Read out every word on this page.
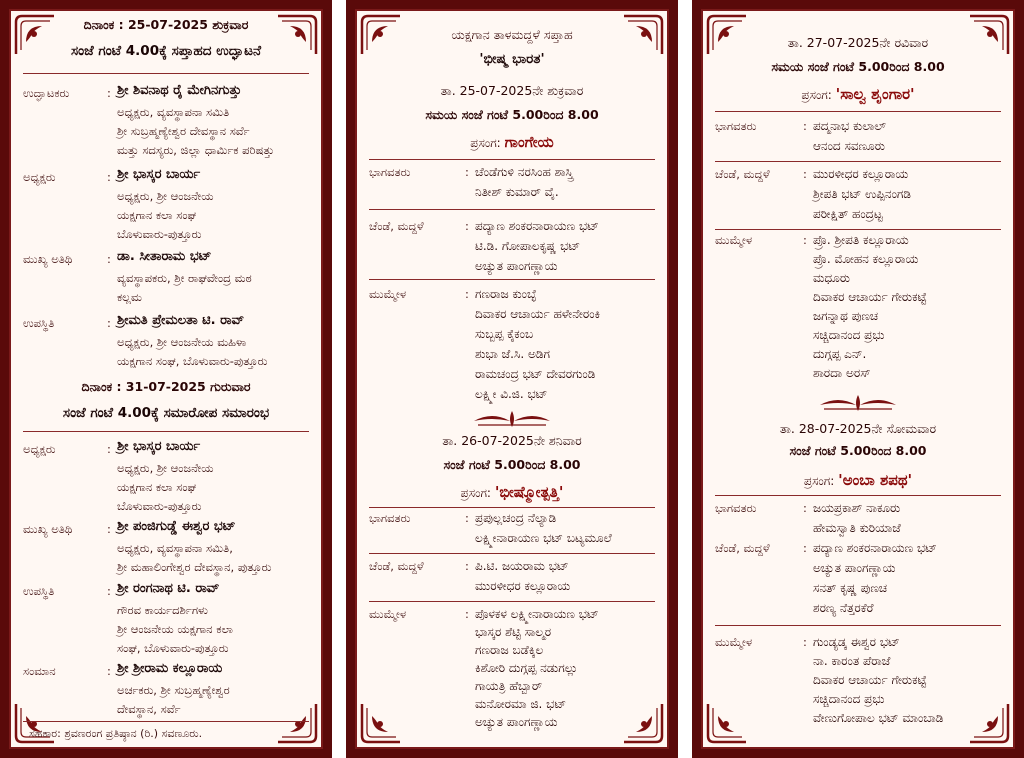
ದಿನಾಂಕ : 25-07-2025 ಶುಕ್ರವಾರ
ಸಂಜೆ ಗಂಟೆ 4.00ಕ್ಕೆ ಸಪ್ತಾಹದ ಉದ್ಘಾಟನೆ
ಉದ್ಘಾಟಕರು	: ಶ್ರೀ ಶಿವನಾಥ ರೈ ಮೇಗಿನಗುತ್ತು
ಅಧ್ಯಕ್ಷರು, ವ್ಯವಸ್ಥಾಪನಾ ಸಮಿತಿ
ಶ್ರೀ ಸುಬ್ರಹ್ಮಣ್ಯೇಶ್ವರ ದೇವಸ್ಥಾನ ಸರ್ವೆ
ಮತ್ತು ಸದಸ್ಯರು, ಜಿಲ್ಲಾ ಧಾರ್ಮಿಕ ಪರಿಷತ್ತು
ಅಧ್ಯಕ್ಷರು	: ಶ್ರೀ ಭಾಸ್ಕರ ಬಾರ್ಯ
ಅಧ್ಯಕ್ಷರು, ಶ್ರೀ ಆಂಜನೇಯ
ಯಕ್ಷಗಾನ ಕಲಾ ಸಂಘ
ಬೊಳುವಾರು-ಪುತ್ತೂರು
ಮುಖ್ಯ ಅತಿಥಿ	: ಡಾ. ಸೀತಾರಾಮ ಭಟ್
ವ್ಯವಸ್ಥಾಪಕರು, ಶ್ರೀ ರಾಘವೇಂದ್ರ ಮಠ
ಕಲ್ಲಮ
ಉಪಸ್ಥಿತಿ	: ಶ್ರೀಮತಿ ಪ್ರೇಮಲತಾ ಟಿ. ರಾವ್
ಅಧ್ಯಕ್ಷರು, ಶ್ರೀ ಆಂಜನೇಯ ಮಹಿಳಾ
ಯಕ್ಷಗಾನ ಸಂಘ, ಬೊಳುವಾರು-ಪುತ್ತೂರು
ದಿನಾಂಕ : 31-07-2025 ಗುರುವಾರ
ಸಂಜೆ ಗಂಟೆ 4.00ಕ್ಕೆ ಸಮಾರೋಪ ಸಮಾರಂಭ
ಅಧ್ಯಕ್ಷರು	: ಶ್ರೀ ಭಾಸ್ಕರ ಬಾರ್ಯ
ಅಧ್ಯಕ್ಷರು, ಶ್ರೀ ಆಂಜನೇಯ
ಯಕ್ಷಗಾನ ಕಲಾ ಸಂಘ
ಬೊಳುವಾರು-ಪುತ್ತೂರು
ಮುಖ್ಯ ಅತಿಥಿ	: ಶ್ರೀ ಪಂಜಿಗುಡ್ಡೆ ಈಶ್ವರ ಭಟ್
ಅಧ್ಯಕ್ಷರು, ವ್ಯವಸ್ಥಾಪನಾ ಸಮಿತಿ,
ಶ್ರೀ ಮಹಾಲಿಂಗೇಶ್ವರ ದೇವಸ್ಥಾನ, ಪುತ್ತೂರು
ಉಪಸ್ಥಿತಿ	: ಶ್ರೀ ರಂಗನಾಥ ಟಿ. ರಾವ್
ಗೌರವ ಕಾರ್ಯದರ್ಶಿಗಳು
ಶ್ರೀ ಆಂಜನೇಯ ಯಕ್ಷಗಾನ ಕಲಾ
ಸಂಘ, ಬೊಳುವಾರು-ಪುತ್ತೂರು
ಸಂಮಾನ	: ಶ್ರೀ ಶ್ರೀರಾಮ ಕಲ್ಲೂರಾಯ
ಅರ್ಚಕರು, ಶ್ರೀ ಸುಬ್ರಹ್ಮಣ್ಯೇಶ್ವರ
ದೇವಸ್ಥಾನ, ಸರ್ವೆ
ಸಹಕಾರ: ಶ್ರವಣರಂಗ ಪ್ರತಿಷ್ಠಾನ (ರಿ.) ಸವಣೂರು.
ಯಕ್ಷಗಾನ ತಾಳಮದ್ದಳೆ ಸಪ್ತಾಹ
'ಭೀಷ್ಮ ಭಾರತ'
ತಾ. 25-07-2025ನೇ ಶುಕ್ರವಾರ
ಸಮಯ ಸಂಜೆ ಗಂಟೆ 5.00ರಿಂದ 8.00
ಪ್ರಸಂಗ: ಗಾಂಗೇಯ
ಭಾಗವತರು	: ಚೆಂಡೆಗುಳಿ ನರಸಿಂಹ ಶಾಸ್ತ್ರಿ
ನಿತೀಶ್ ಕುಮಾರ್ ವೈ.
ಚೆಂಡೆ, ಮದ್ದಳೆ	: ಪದ್ಯಾಣ ಶಂಕರನಾರಾಯಣ ಭಟ್
ಟಿ.ಡಿ. ಗೋಪಾಲಕೃಷ್ಣ ಭಟ್
ಅಚ್ಯುತ ಪಾಂಗಣ್ಣಾಯ
ಮುಮ್ಮೇಳ	: ಗಣರಾಜ ಕುಂಬ್ಳೆ
ದಿವಾಕರ ಆಚಾರ್ಯ ಹಳೇನೇರಂಕಿ
ಸುಬ್ಬಪ್ಪ ಕೈಕಂಬ
ಶುಭಾ ಜೆ.ಸಿ. ಅಡಿಗ
ರಾಮಚಂದ್ರ ಭಟ್ ದೇವರಗುಂಡಿ
ಲಕ್ಷ್ಮೀ ವಿ.ಜಿ. ಭಟ್
ತಾ. 26-07-2025ನೇ ಶನಿವಾರ
ಸಂಜೆ ಗಂಟೆ 5.00ರಿಂದ 8.00
ಪ್ರಸಂಗ: 'ಭೀಷ್ಮೋತ್ಪತ್ತಿ'
ಭಾಗವತರು	: ಪ್ರಪುಲ್ಲಚಂದ್ರ ನೆಲ್ಯಾಡಿ
ಲಕ್ಷ್ಮೀನಾರಾಯಣ ಭಟ್ ಬಟ್ಯಮೂಲೆ
ಚೆಂಡೆ, ಮದ್ದಳೆ	: ಪಿ.ಟಿ. ಜಯರಾಮ ಭಟ್
ಮುರಳೀಧರ ಕಲ್ಲೂರಾಯ
ಮುಮ್ಮೇಳ	: ಪೊಳಕಳ ಲಕ್ಷ್ಮೀನಾರಾಯಣ ಭಟ್
ಭಾಸ್ಕರ ಶೆಟ್ಟಿ ಸಾಲ್ಮರ
ಗಣರಾಜ ಬಡೆಕ್ಕಿಲ
ಕಿಶೋರಿ ದುಗ್ಗಪ್ಪ ನಡುಗಲ್ಲು
ಗಾಯತ್ರಿ ಹೆಬ್ಬಾರ್
ಮನೋರಮಾ ಜಿ. ಭಟ್
ಅಚ್ಯುತ ಪಾಂಗಣ್ಣಾಯ
ತಾ. 27-07-2025ನೇ ರವಿವಾರ
ಸಮಯ ಸಂಜೆ ಗಂಟೆ 5.00ರಿಂದ 8.00
ಪ್ರಸಂಗ: 'ಸಾಲ್ವ ಶೃಂಗಾರ'
ಭಾಗವತರು	: ಪದ್ಮನಾಭ ಕುಲಾಲ್
ಆನಂದ ಸವಣೂರು
ಚೆಂಡೆ, ಮದ್ದಳೆ	: ಮುರಳೀಧರ ಕಲ್ಲೂರಾಯ
ಶ್ರೀಪತಿ ಭಟ್ ಉಪ್ಪಿನಂಗಡಿ
ಪರೀಕ್ಷಿತ್ ಹಂದ್ರಟ್ಟ
ಮುಮ್ಮೇಳ	: ಪ್ರೊ. ಶ್ರೀಪತಿ ಕಲ್ಲೂರಾಯ
ಪ್ರೊ. ಮೋಹನ ಕಲ್ಲೂರಾಯ
ಮಧೂರು
ದಿವಾಕರ ಆಚಾರ್ಯ ಗೇರುಕಟ್ಟೆ
ಜಗನ್ನಾಥ ಪುಣಚ
ಸಚ್ಚಿದಾನಂದ ಪ್ರಭು
ದುಗ್ಗಪ್ಪ ಎನ್.
ಶಾರದಾ ಅರಸ್
ತಾ. 28-07-2025ನೇ ಸೋಮವಾರ
ಸಂಜೆ ಗಂಟೆ 5.00ರಿಂದ 8.00
ಪ್ರಸಂಗ: 'ಅಂಬಾ ಶಪಥ'
ಭಾಗವತರು	: ಜಯಪ್ರಕಾಶ್ ನಾಕೂರು
ಹೇಮಸ್ವಾತಿ ಕುರಿಯಾಜೆ
ಚೆಂಡೆ, ಮದ್ದಳೆ	: ಪದ್ಯಾಣ ಶಂಕರನಾರಾಯಣ ಭಟ್
ಅಚ್ಯುತ ಪಾಂಗಣ್ಣಾಯ
ಸನತ್ ಕೃಷ್ಣ ಪುಣಚ
ಶರಣ್ಯ ನೆತ್ತರಕೆರೆ
ಮುಮ್ಮೇಳ	: ಗುಂಡ್ಯಡ್ಕ ಈಶ್ವರ ಭಟ್
ನಾ. ಕಾರಂತ ಪೆರಾಜೆ
ದಿವಾಕರ ಆಚಾರ್ಯ ಗೇರುಕಟ್ಟೆ
ಸಚ್ಚಿದಾನಂದ ಪ್ರಭು
ವೇಣುಗೋಪಾಲ ಭಟ್ ಮಾಂಬಾಡಿ
